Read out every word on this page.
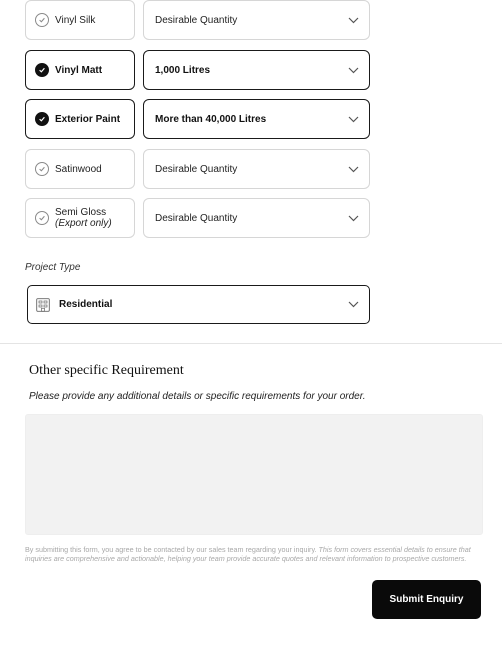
Vinyl Silk	Desirable Quantity
Vinyl Matt	1,000 Litres
Exterior Paint	More than 40,000 Litres
Satinwood	Desirable Quantity
Semi Gloss
(Export only)	Desirable Quantity
Project Type
Residential
Other specific Requirement
Please provide any additional details or specific requirements for your order.
By submitting this form, you agree to be contacted by our sales team regarding your inquiry. This form covers essential details to ensure that inquiries are comprehensive and actionable, helping your team provide accurate quotes and relevant information to prospective customers.
Submit Enquiry
